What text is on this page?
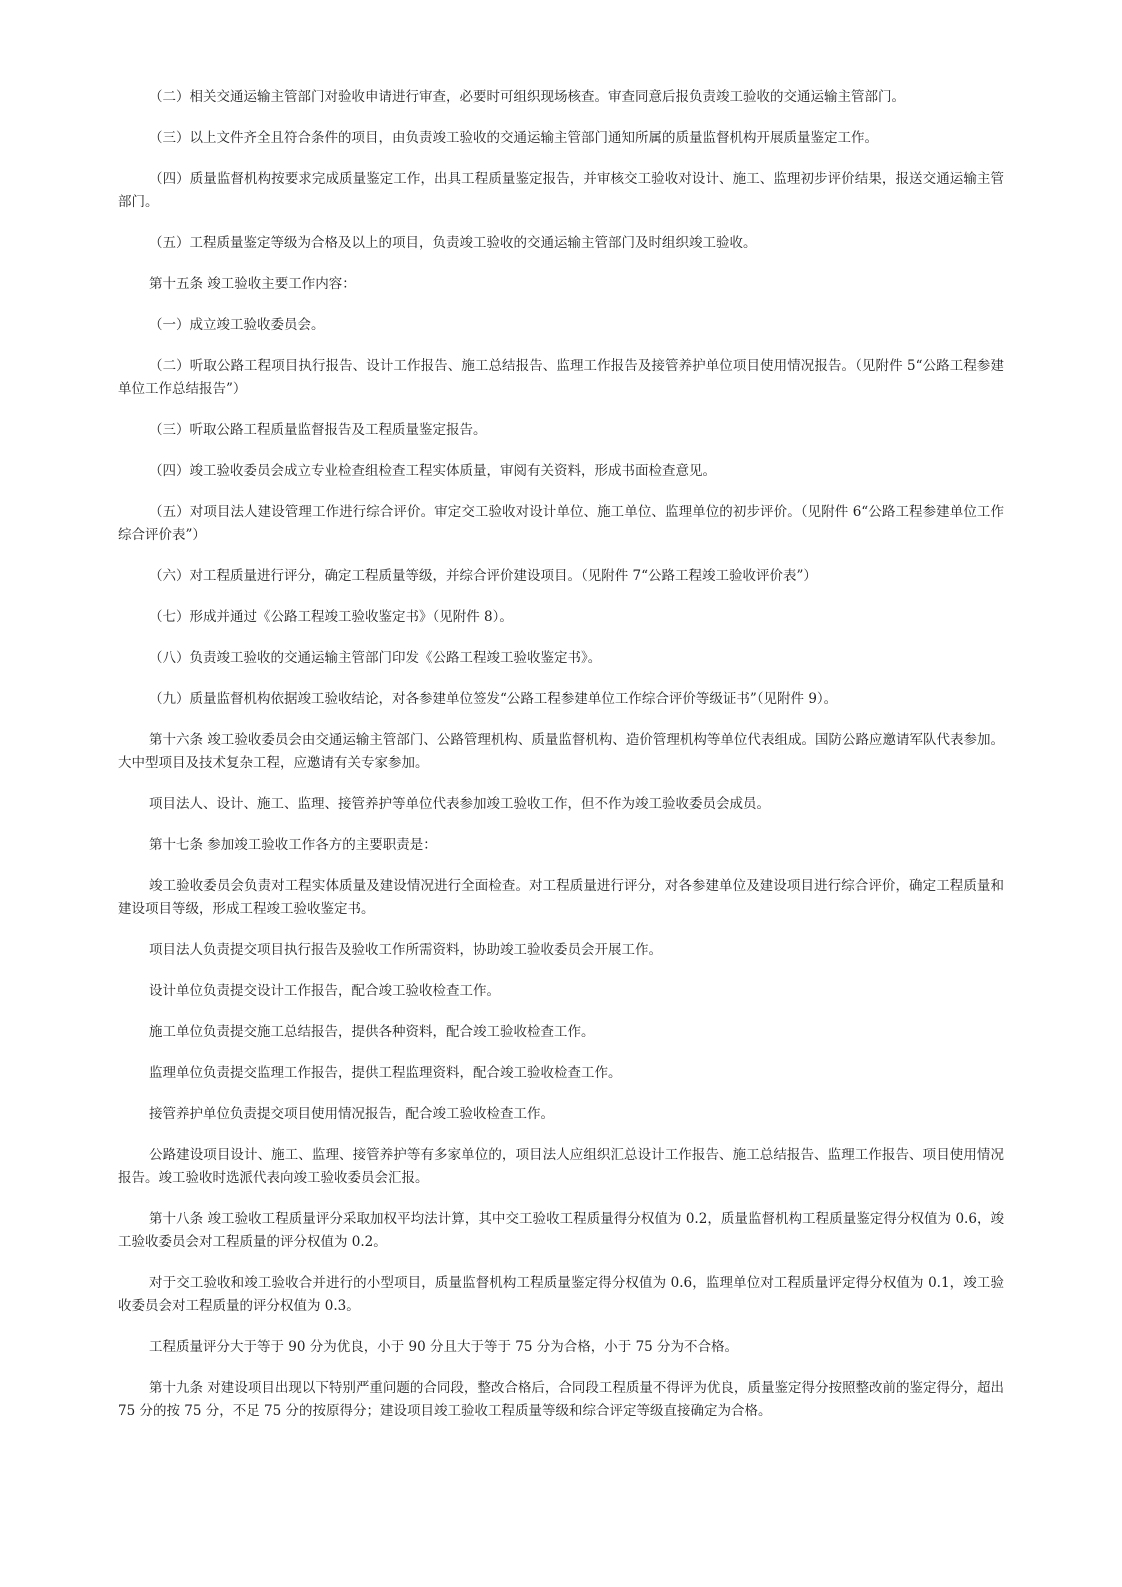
（二）相关交通运输主管部门对验收申请进行审查，必要时可组织现场核查。审查同意后报负责竣工验收的交通运输主管部门。

（三）以上文件齐全且符合条件的项目，由负责竣工验收的交通运输主管部门通知所属的质量监督机构开展质量鉴定工作。

（四）质量监督机构按要求完成质量鉴定工作，出具工程质量鉴定报告，并审核交工验收对设计、施工、监理初步评价结果，报送交通运输主管部门。

（五）工程质量鉴定等级为合格及以上的项目，负责竣工验收的交通运输主管部门及时组织竣工验收。

第十五条 竣工验收主要工作内容：

（一）成立竣工验收委员会。

（二）听取公路工程项目执行报告、设计工作报告、施工总结报告、监理工作报告及接管养护单位项目使用情况报告。（见附件 5“公路工程参建单位工作总结报告”）

（三）听取公路工程质量监督报告及工程质量鉴定报告。

（四）竣工验收委员会成立专业检查组检查工程实体质量，审阅有关资料，形成书面检查意见。

（五）对项目法人建设管理工作进行综合评价。审定交工验收对设计单位、施工单位、监理单位的初步评价。（见附件 6“公路工程参建单位工作综合评价表”）

（六）对工程质量进行评分，确定工程质量等级，并综合评价建设项目。（见附件 7“公路工程竣工验收评价表”）

（七）形成并通过《公路工程竣工验收鉴定书》（见附件 8）。

（八）负责竣工验收的交通运输主管部门印发《公路工程竣工验收鉴定书》。

（九）质量监督机构依据竣工验收结论，对各参建单位签发“公路工程参建单位工作综合评价等级证书”（见附件 9）。

第十六条 竣工验收委员会由交通运输主管部门、公路管理机构、质量监督机构、造价管理机构等单位代表组成。国防公路应邀请军队代表参加。大中型项目及技术复杂工程，应邀请有关专家参加。

项目法人、设计、施工、监理、接管养护等单位代表参加竣工验收工作，但不作为竣工验收委员会成员。

第十七条 参加竣工验收工作各方的主要职责是：

竣工验收委员会负责对工程实体质量及建设情况进行全面检查。对工程质量进行评分，对各参建单位及建设项目进行综合评价，确定工程质量和建设项目等级，形成工程竣工验收鉴定书。

项目法人负责提交项目执行报告及验收工作所需资料，协助竣工验收委员会开展工作。

设计单位负责提交设计工作报告，配合竣工验收检查工作。

施工单位负责提交施工总结报告，提供各种资料，配合竣工验收检查工作。

监理单位负责提交监理工作报告，提供工程监理资料，配合竣工验收检查工作。

接管养护单位负责提交项目使用情况报告，配合竣工验收检查工作。

公路建设项目设计、施工、监理、接管养护等有多家单位的，项目法人应组织汇总设计工作报告、施工总结报告、监理工作报告、项目使用情况报告。竣工验收时选派代表向竣工验收委员会汇报。

第十八条 竣工验收工程质量评分采取加权平均法计算，其中交工验收工程质量得分权值为 0.2，质量监督机构工程质量鉴定得分权值为 0.6，竣工验收委员会对工程质量的评分权值为 0.2。

对于交工验收和竣工验收合并进行的小型项目，质量监督机构工程质量鉴定得分权值为 0.6，监理单位对工程质量评定得分权值为 0.1，竣工验收委员会对工程质量的评分权值为 0.3。

工程质量评分大于等于 90 分为优良，小于 90 分且大于等于 75 分为合格，小于 75 分为不合格。

第十九条 对建设项目出现以下特别严重问题的合同段，整改合格后，合同段工程质量不得评为优良，质量鉴定得分按照整改前的鉴定得分，超出 75 分的按 75 分，不足 75 分的按原得分；建设项目竣工验收工程质量等级和综合评定等级直接确定为合格。
